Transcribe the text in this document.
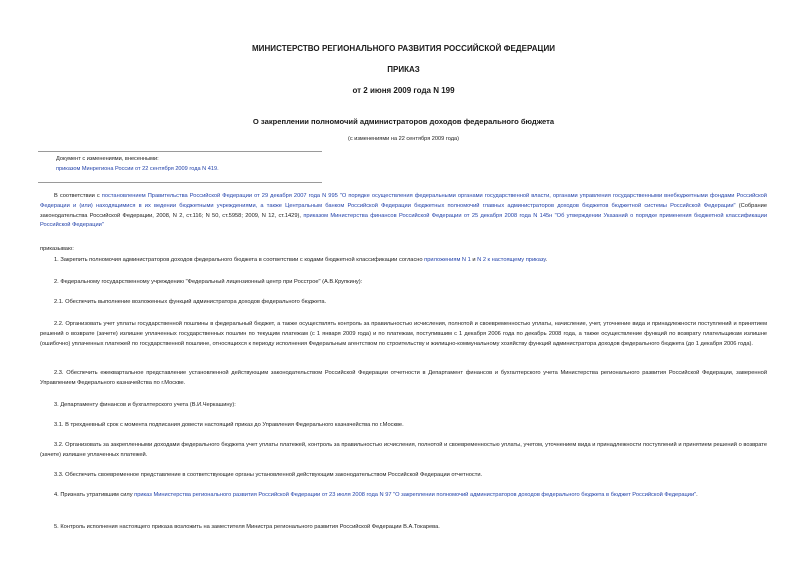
МИНИСТЕРСТВО РЕГИОНАЛЬНОГО РАЗВИТИЯ РОССИЙСКОЙ ФЕДЕРАЦИИ
ПРИКАЗ
от 2 июня 2009 года N 199
О закреплении полномочий администраторов доходов федерального бюджета
(с изменениями на 22 сентября 2009 года)
Документ с изменениями, внесенными:
приказом Минрегиона России от 22 сентября 2009 года N 419.
В соответствии с постановлением Правительства Российской Федерации от 29 декабря 2007 года N 995 "О порядке осуществления федеральными органами государственной власти, органами управления государственными внебюджетными фондами Российской Федерации и (или) находящимися в их ведении бюджетными учреждениями, а также Центральным банком Российской Федерации бюджетных полномочий главных администраторов доходов бюджетов бюджетной системы Российской Федерации" (Собрание законодательства Российской Федерации, 2008, N 2, ст.116; N 50, ст.5958; 2009, N 12, ст.1429), приказом Министерства финансов Российской Федерации от 25 декабря 2008 года N 145н "Об утверждении Указаний о порядке применения бюджетной классификации Российской Федерации"
приказываю:
1. Закрепить полномочия администраторов доходов федерального бюджета в соответствии с кодами бюджетной классификации согласно приложениям N 1 и N 2 к настоящему приказу.
2. Федеральному государственному учреждению "Федеральный лицензионный центр при Росстрое" (А.В.Крупкину):
2.1. Обеспечить выполнение возложенных функций администратора доходов федерального бюджета.
2.2. Организовать учет уплаты государственной пошлины в федеральный бюджет, а также осуществлять контроль за правильностью исчисления, полнотой и своевременностью уплаты, начисление, учет, уточнение вида и принадлежности поступлений и принятием решений о возврате (зачете) излишне уплаченных государственных пошлин по текущим платежам (с 1 января 2009 года) и по платежам, поступившим с 1 декабря 2006 года по декабрь 2008 года, а также осуществление функций по возврату плательщикам излишне (ошибочно) уплаченных платежей по государственной пошлине, относящихся к периоду исполнения Федеральным агентством по строительству и жилищно-коммунальному хозяйству функций администратора доходов федерального бюджета (до 1 декабря 2006 года).
2.3. Обеспечить ежеквартальное представление установленной действующим законодательством Российской Федерации отчетности в Департамент финансов и бухгалтерского учета Министерства регионального развития Российской Федерации, заверенной Управлением Федерального казначейства по г.Москве.
3. Департаменту финансов и бухгалтерского учета (В.И.Черкашину):
3.1. В трехдневный срок с момента подписания довести настоящий приказ до Управления Федерального казначейства по г.Москве.
3.2. Организовать за закрепленными доходами федерального бюджета учет уплаты платежей, контроль за правильностью исчисления, полнотой и своевременностью уплаты, учетом, уточнением вида и принадлежности поступлений и принятием решений о возврате (зачете) излишне уплаченных платежей.
3.3. Обеспечить своевременное представление в соответствующие органы установленной действующим законодательством Российской Федерации отчетности.
4. Признать утратившим силу приказ Министерства регионального развития Российской Федерации от 23 июля 2008 года N 97 "О закреплении полномочий администраторов доходов федерального бюджета в бюджет Российской Федерации".
5. Контроль исполнения настоящего приказа возложить на заместителя Министра регионального развития Российской Федерации В.А.Токарева.
